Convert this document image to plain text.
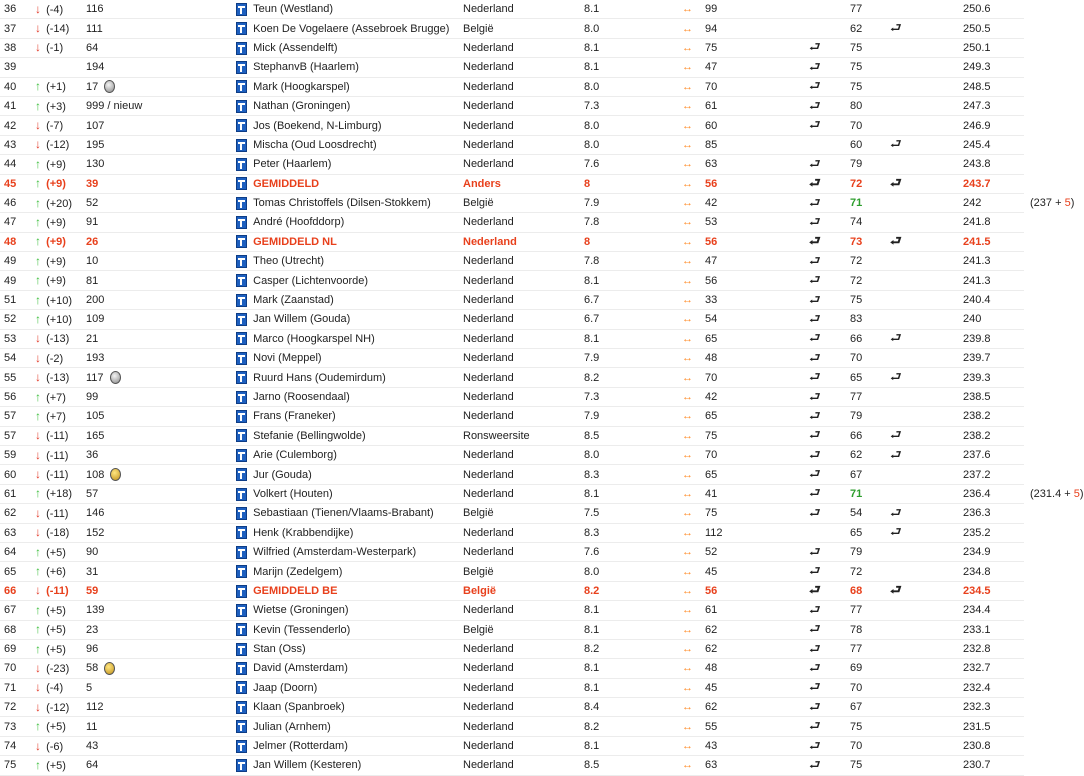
36	↓ (-4)	116	Teun (Westland)	Nederland	8.1	↔	99		77		250.6	
37	↓ (-14)	111	Koen De Vogelaere (Assebroek Brugge)	België	8.0	↔	94		62	⮐	250.5	
38	↓ (-1)	64	Mick (Assendelft)	Nederland	8.1	↔	75	⮐	75		250.1	
39		194	StephanvB (Haarlem)	Nederland	8.1	↔	47	⮐	75		249.3	
40	↑ (+1)	17	Mark (Hoogkarspel)	Nederland	8.0	↔	70	⮐	75		248.5	
41	↑ (+3)	999 / nieuw	Nathan (Groningen)	Nederland	7.3	↔	61	⮐	80		247.3	
42	↓ (-7)	107	Jos (Boekend, N-Limburg)	Nederland	8.0	↔	60	⮐	70		246.9	
43	↓ (-12)	195	Mischa (Oud Loosdrecht)	Nederland	8.0	↔	85		60	⮐	245.4	
44	↑ (+9)	130	Peter (Haarlem)	Nederland	7.6	↔	63	⮐	79		243.8	
45	↑ (+9)	39	GEMIDDELD	Anders	8	↔	56	⮐	72	⮐	243.7	
46	↑ (+20)	52	Tomas Christoffels (Dilsen-Stokkem)	België	7.9	↔	42	⮐	71		242	(237 + 5)

47	↑ (+9)	91	André (Hoofddorp)	Nederland	7.8	↔	53	⮐	74		241.8	
48	↑ (+9)	26	GEMIDDELD NL	Nederland	8	↔	56	⮐	73	⮐	241.5	
49	↑ (+9)	10	Theo (Utrecht)	Nederland	7.8	↔	47	⮐	72		241.3	
49	↑ (+9)	81	Casper (Lichtenvoorde)	Nederland	8.1	↔	56	⮐	72		241.3	
51	↑ (+10)	200	Mark (Zaanstad)	Nederland	6.7	↔	33	⮐	75		240.4	
52	↑ (+10)	109	Jan Willem (Gouda)	Nederland	6.7	↔	54	⮐	83		240	
53	↓ (-13)	21	Marco (Hoogkarspel NH)	Nederland	8.1	↔	65	⮐	66	⮐	239.8	
54	↓ (-2)	193	Novi (Meppel)	Nederland	7.9	↔	48	⮐	70		239.7	
55	↓ (-13)	117	Ruurd Hans (Oudemirdum)	Nederland	8.2	↔	70	⮐	65	⮐	239.3	
56	↑ (+7)	99	Jarno (Roosendaal)	Nederland	7.3	↔	42	⮐	77		238.5	
57	↑ (+7)	105	Frans (Franeker)	Nederland	7.9	↔	65	⮐	79		238.2	
57	↓ (-11)	165	Stefanie (Bellingwolde)	Ronsweersite	8.5	↔	75	⮐	66	⮐	238.2	
59	↓ (-11)	36	Arie (Culemborg)	Nederland	8.0	↔	70	⮐	62	⮐	237.6	
60	↓ (-11)	108	Jur (Gouda)	Nederland	8.3	↔	65	⮐	67		237.2	
61	↑ (+18)	57	Volkert (Houten)	Nederland	8.1	↔	41	⮐	71		236.4	(231.4 + 5)

62	↓ (-11)	146	Sebastiaan (Tienen/Vlaams-Brabant)	België	7.5	↔	75	⮐	54	⮐	236.3	
63	↓ (-18)	152	Henk (Krabbendijke)	Nederland	8.3	↔	112		65	⮐	235.2	
64	↑ (+5)	90	Wilfried (Amsterdam-Westerpark)	Nederland	7.6	↔	52	⮐	79		234.9	
65	↑ (+6)	31	Marijn (Zedelgem)	België	8.0	↔	45	⮐	72		234.8	
66	↓ (-11)	59	GEMIDDELD BE	België	8.2	↔	56	⮐	68	⮐	234.5	
67	↑ (+5)	139	Wietse (Groningen)	Nederland	8.1	↔	61	⮐	77		234.4	
68	↑ (+5)	23	Kevin (Tessenderlo)	België	8.1	↔	62	⮐	78		233.1	
69	↑ (+5)	96	Stan (Oss)	Nederland	8.2	↔	62	⮐	77		232.8	
70	↓ (-23)	58	David (Amsterdam)	Nederland	8.1	↔	48	⮐	69		232.7	
71	↓ (-4)	5	Jaap (Doorn)	Nederland	8.1	↔	45	⮐	70		232.4	
72	↓ (-12)	112	Klaan (Spanbroek)	Nederland	8.4	↔	62	⮐	67		232.3	
73	↑ (+5)	11	Julian (Arnhem)	Nederland	8.2	↔	55	⮐	75		231.5	
74	↓ (-6)	43	Jelmer (Rotterdam)	Nederland	8.1	↔	43	⮐	70		230.8	
75	↑ (+5)	64	Jan Willem (Kesteren)	Nederland	8.5	↔	63	⮐	75		230.7	
